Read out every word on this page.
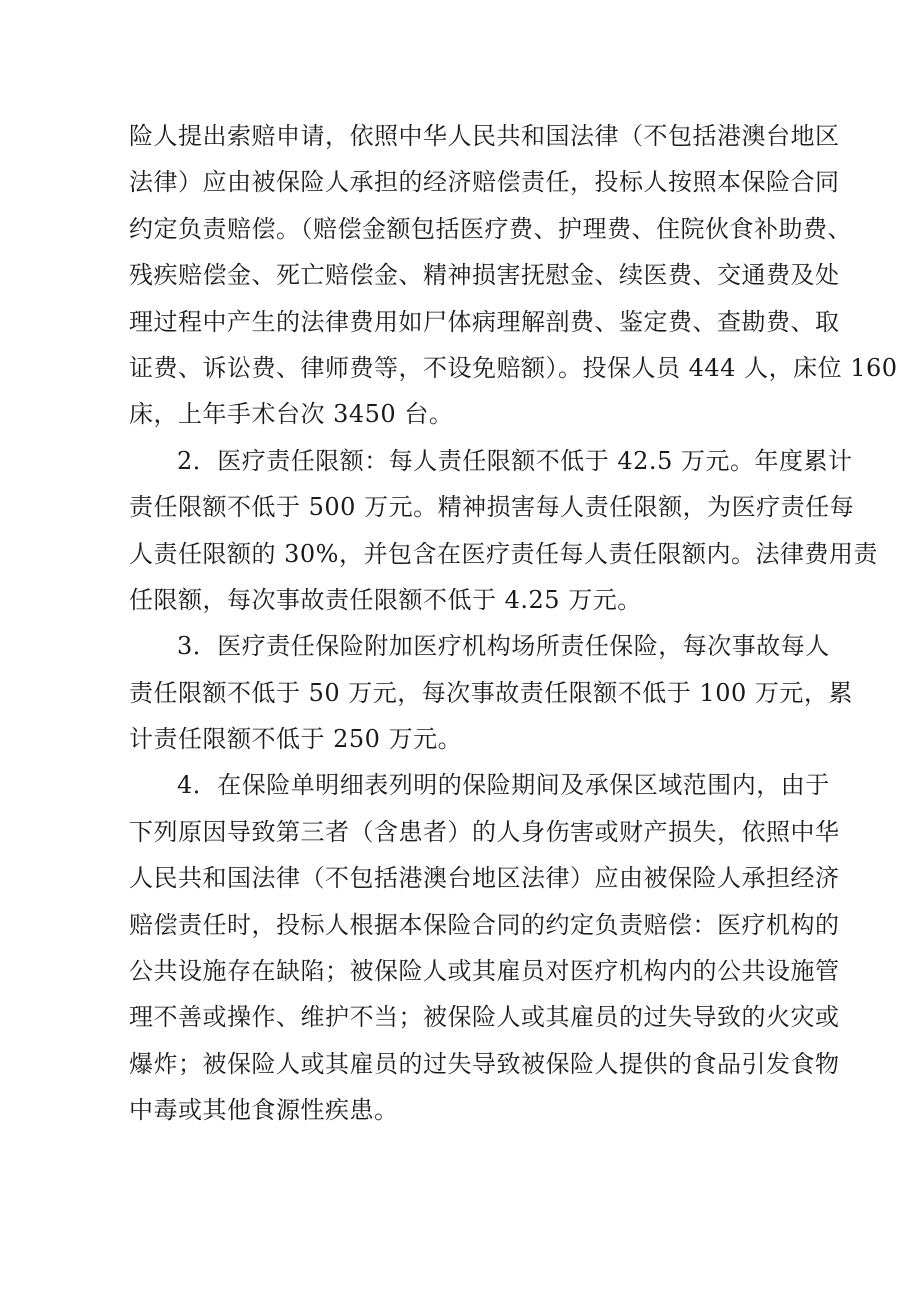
险人提出索赔申请，依照中华人民共和国法律（不包括港澳台地区
法律）应由被保险人承担的经济赔偿责任，投标人按照本保险合同
约定负责赔偿。（赔偿金额包括医疗费、护理费、住院伙食补助费、
残疾赔偿金、死亡赔偿金、精神损害抚慰金、续医费、交通费及处
理过程中产生的法律费用如尸体病理解剖费、鉴定费、查勘费、取
证费、诉讼费、律师费等，不设免赔额）。投保人员 444 人，床位 160
床，上年手术台次 3450 台。
2．医疗责任限额：每人责任限额不低于 42.5 万元。年度累计
责任限额不低于 500 万元。精神损害每人责任限额，为医疗责任每
人责任限额的 30%，并包含在医疗责任每人责任限额内。法律费用责
任限额，每次事故责任限额不低于 4.25 万元。
3．医疗责任保险附加医疗机构场所责任保险，每次事故每人
责任限额不低于 50 万元，每次事故责任限额不低于 100 万元，累
计责任限额不低于 250 万元。
4．在保险单明细表列明的保险期间及承保区域范围内，由于
下列原因导致第三者（含患者）的人身伤害或财产损失，依照中华
人民共和国法律（不包括港澳台地区法律）应由被保险人承担经济
赔偿责任时，投标人根据本保险合同的约定负责赔偿：医疗机构的
公共设施存在缺陷；被保险人或其雇员对医疗机构内的公共设施管
理不善或操作、维护不当；被保险人或其雇员的过失导致的火灾或
爆炸；被保险人或其雇员的过失导致被保险人提供的食品引发食物
中毒或其他食源性疾患。
